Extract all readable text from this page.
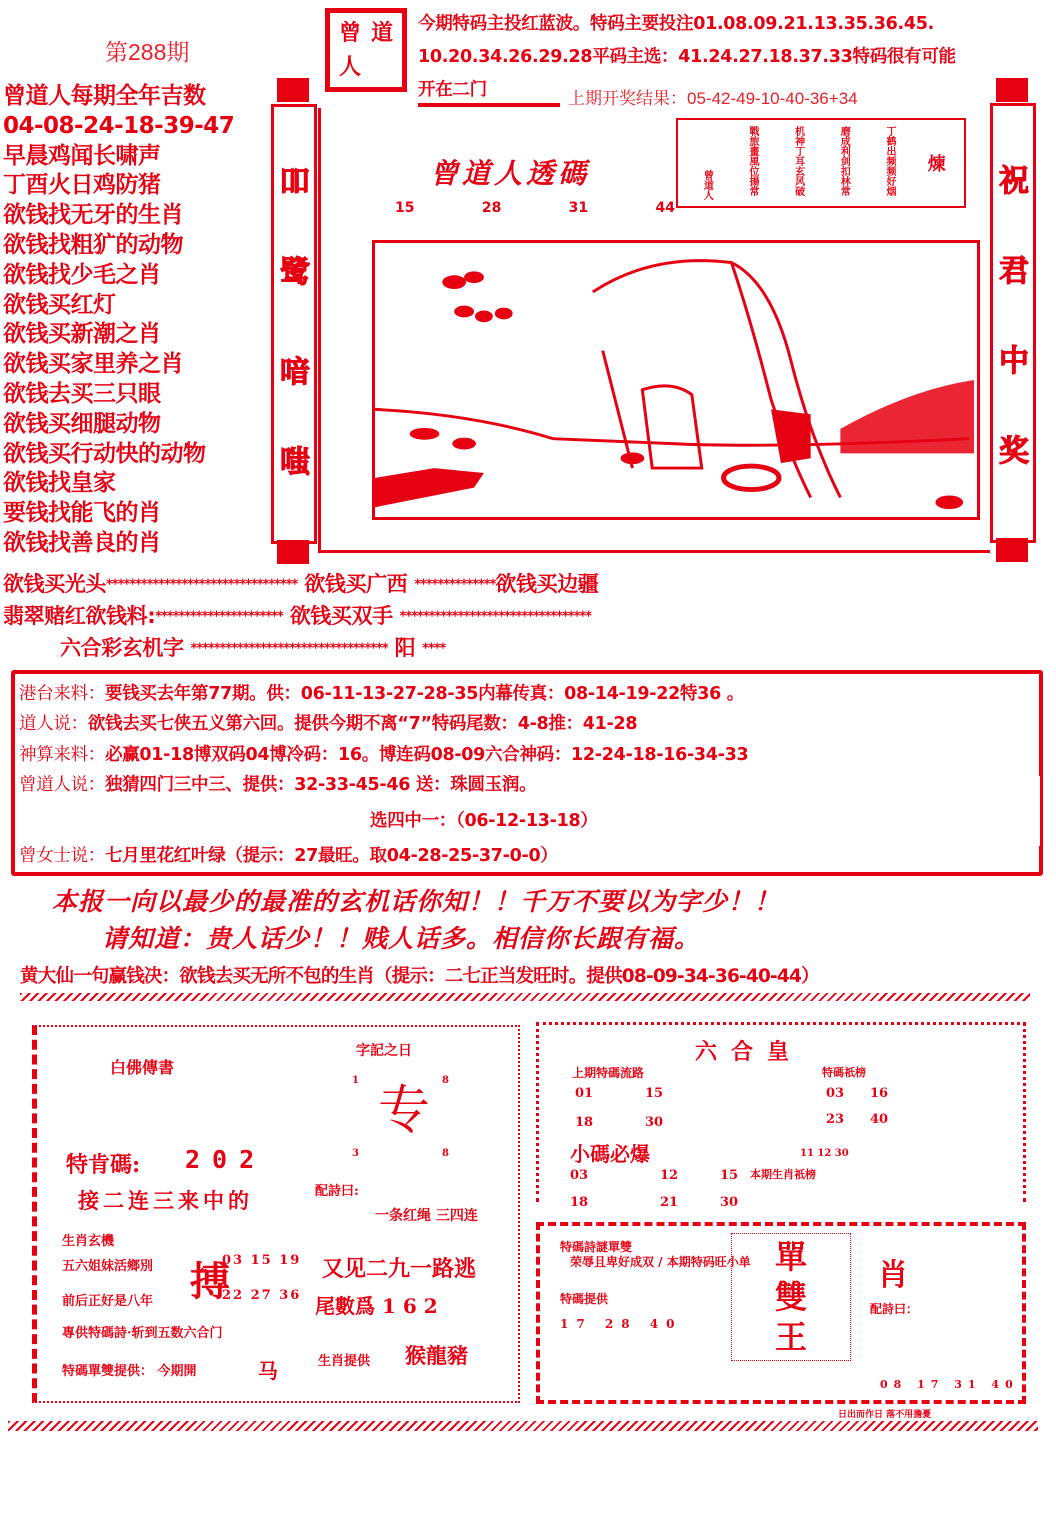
第288期
曾 道
人
今期特码主投红蓝波。特码主要投注01.08.09.21.13.35.36.45.
10.20.34.26.29.28平码主选：41.24.27.18.37.33特码很有可能
开在二门	上期开奖结果：05-42-49-10-40-36+34
曾道人每期全年吉数
04-08-24-18-39-47
早晨鸡闻长啸声
丁酉火日鸡防猪
欲钱找无牙的生肖
欲钱找粗犷的动物
欲钱找少毛之肖
欲钱买红灯
欲钱买新潮之肖
欲钱买家里养之肖
欲钱去买三只眼
欲钱买细腿动物
欲钱买行动快的动物
欲钱找皇家
要钱找能飞的肖
欲钱找善良的肖
曾道人透碼
15	28	31	44
煉
丁鹤出频频好烟
磨成利剑扣林常
机神丁耳玄风破
戰旅畫風位揚常
曾道人
吅
鹭
喑
嗤
祝
君
中
奖
欲钱买光头********************************* 欲钱买广西 **************欲钱买边疆
翡翠赌红欲钱料:********************** 欲钱买双手 *********************************
六合彩玄机字 ********************************** 阳 ****
港台来料：要钱买去年第77期。供：06-11-13-27-28-35内幕传真：08-14-19-22特36 。
道人说：欲钱去买七侠五义第六回。提供今期不离“7”特码尾数：4-8推：41-28
神算来料：必赢01-18博双码04博冷码：16。博连码08-09六合神码：12-24-18-16-34-33
曾道人说：独猜四门三中三、提供：32-33-45-46 送：珠圆玉润。
选四中一：（06-12-13-18）
曾女士说：七月里花红叶绿（提示：27最旺。取04-28-25-37-0-0）
本报一向以最少的最准的玄机话你知！！千万不要以为字少！！
请知道：贵人话少！！贱人话多。相信你长跟有福。
黄大仙一句赢钱决：欲钱去买无所不包的生肖（提示：二七正当发旺时。提供08-09-34-36-40-44）
白佛傳書
特肯碼: 202
接二连三来中的
生肖玄機
五六姐妹活鄉別
前后正好是八年
專供特碼詩·斩到五数六合门
搏
03 15 19
22 27 36
特碼單雙提供： 今期開	马
字記之日
专
1	8
3	8
配詩曰:
一条红绳 三四连
又见二九一路逃
尾數爲 1 6 2
生肖提供 猴龍豬
六合皇
上期特碼流路
01	15
18	30
小碼必爆
03	12	15
18	21	30
特碼祇榜
03 16
23 40
11 12 30
本期生肖祇榜
特碼詩謎單雙
荣辱且卑好成双 / 本期特码旺小单
特碼提供
17 28 40
單
雙
王
肖
配詩曰：
08 17 31 40
日出而作日 落不用擔憂
